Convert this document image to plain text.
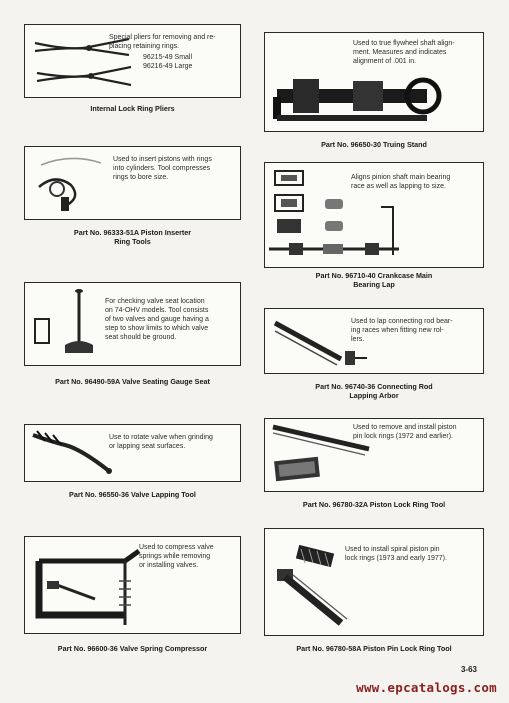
Special pliers for removing and re-
placing retaining rings.
96215-49 Small
96216-49 Large
Internal Lock Ring Pliers
Used to true flywheel shaft align-
ment. Measures and indicates
alignment of .001 in.
Part No. 96650-30 Truing Stand
Used to insert pistons with rings
into cylinders. Tool compresses
rings to bore size.
Part No. 96333-51A Piston Inserter
Ring Tools
Aligns pinion shaft main bearing
race as well as lapping to size.
Part No. 96710-40 Crankcase Main
Bearing Lap
For checking valve seat location
on 74-OHV models. Tool consists
of two valves and gauge having a
step to show limits to which valve
seat should be ground.
Part No. 96490-59A Valve Seating Gauge Seat
Used to lap connecting rod bear-
ing races when fitting new rol-
lers.
Part No. 96740-36 Connecting Rod
Lapping Arbor
Use to rotate valve when grinding
or lapping seat surfaces.
Part No. 96550-36 Valve Lapping Tool
Used to remove and install piston
pin lock rings (1972 and earlier).
Part No. 96780-32A Piston Lock Ring Tool
Used to compress valve
springs while removing
or installing valves.
Part No. 96600-36 Valve Spring Compressor
Used to install spiral piston pin
lock rings (1973 and early 1977).
Part No. 96780-58A Piston Pin Lock Ring Tool
3-63
www.epcatalogs.com
